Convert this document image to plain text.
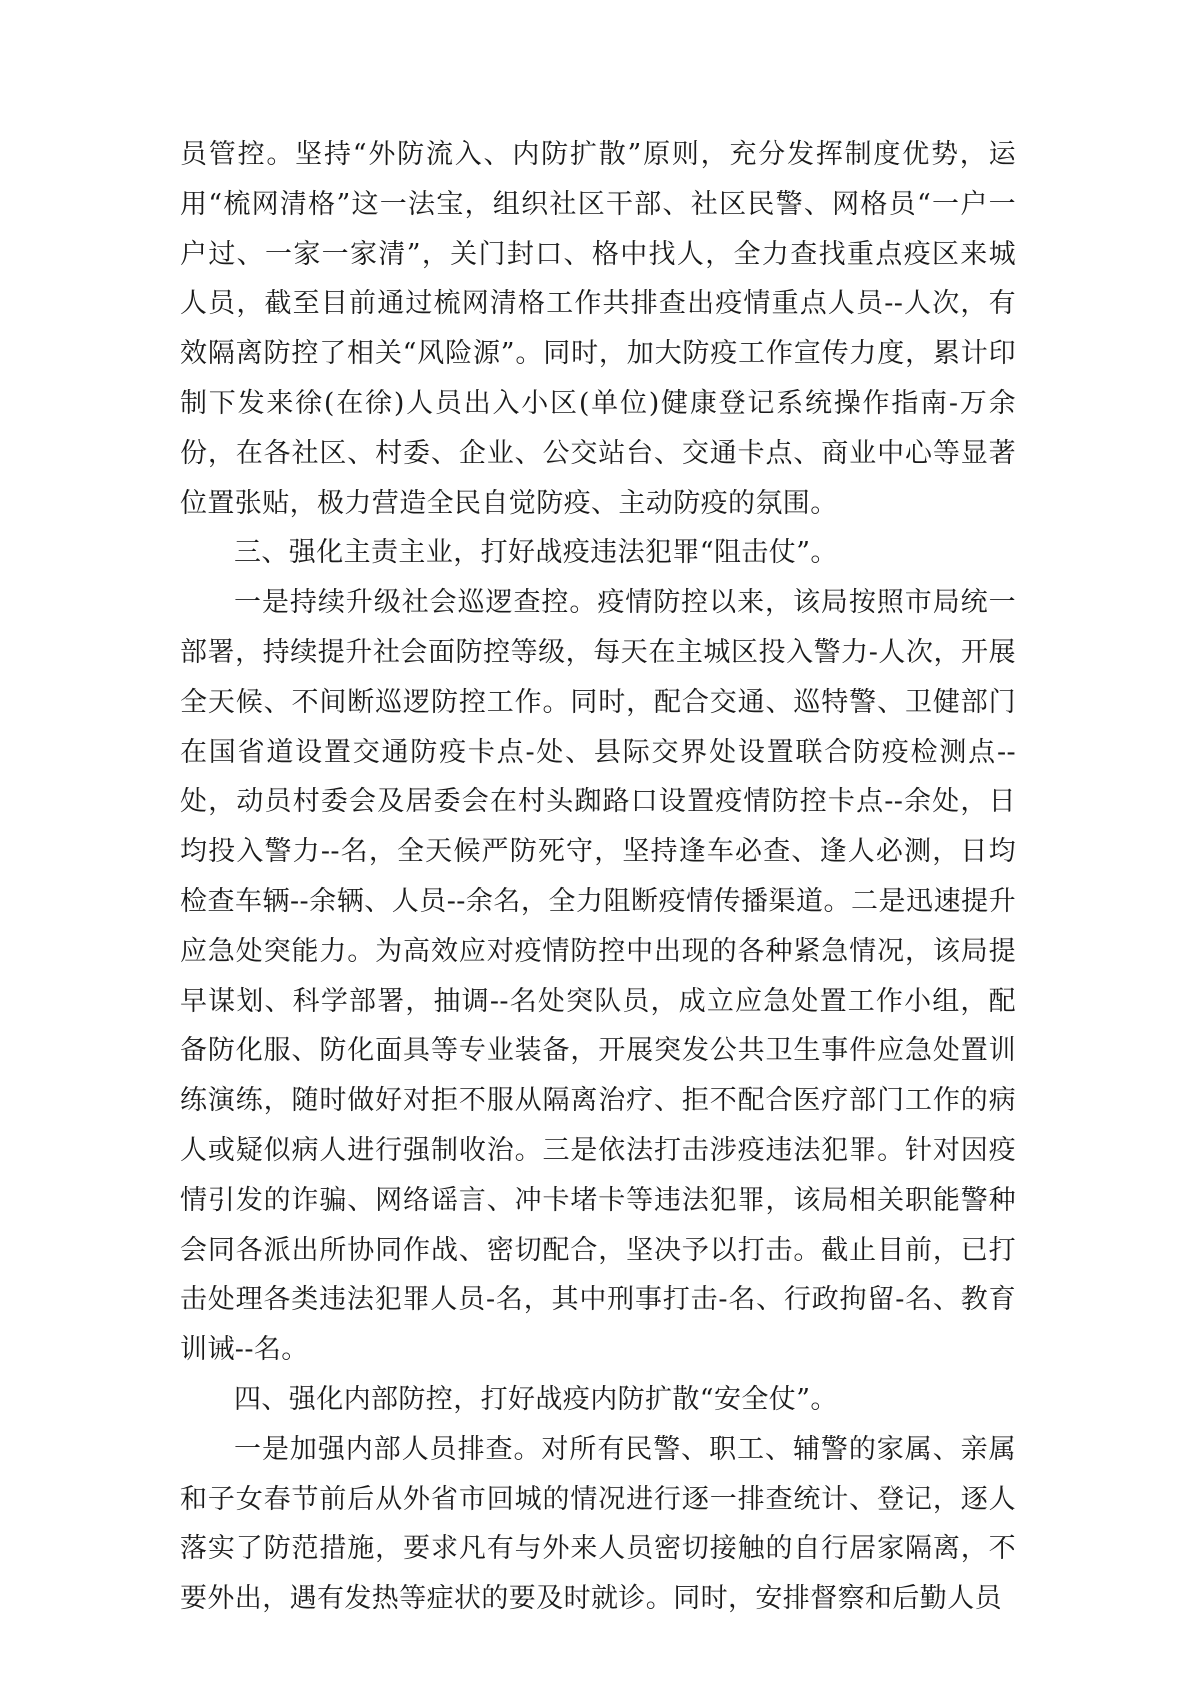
员管控。坚持“外防流入、内防扩散”原则，充分发挥制度优势，运用“梳网清格”这一法宝，组织社区干部、社区民警、网格员“一户一户过、一家一家清”，关门封口、格中找人，全力查找重点疫区来城人员，截至目前通过梳网清格工作共排查出疫情重点人员--人次，有效隔离防控了相关“风险源”。同时，加大防疫工作宣传力度，累计印制下发来徐(在徐)人员出入小区(单位)健康登记系统操作指南-万余份，在各社区、村委、企业、公交站台、交通卡点、商业中心等显著位置张贴，极力营造全民自觉防疫、主动防疫的氛围。

三、强化主责主业，打好战疫违法犯罪“阻击仗”。

一是持续升级社会巡逻查控。疫情防控以来，该局按照市局统一部署，持续提升社会面防控等级，每天在主城区投入警力-人次，开展全天候、不间断巡逻防控工作。同时，配合交通、巡特警、卫健部门在国省道设置交通防疫卡点-处、县际交界处设置联合防疫检测点--处，动员村委会及居委会在村头踟路口设置疫情防控卡点--余处，日均投入警力--名，全天候严防死守，坚持逢车必查、逢人必测，日均检查车辆--余辆、人员--余名，全力阻断疫情传播渠道。二是迅速提升应急处突能力。为高效应对疫情防控中出现的各种紧急情况，该局提早谋划、科学部署，抽调--名处突队员，成立应急处置工作小组，配备防化服、防化面具等专业装备，开展突发公共卫生事件应急处置训练演练，随时做好对拒不服从隔离治疗、拒不配合医疗部门工作的病人或疑似病人进行强制收治。三是依法打击涉疫违法犯罪。针对因疫情引发的诈骗、网络谣言、冲卡堵卡等违法犯罪，该局相关职能警种会同各派出所协同作战、密切配合，坚决予以打击。截止目前，已打击处理各类违法犯罪人员-名，其中刑事打击-名、行政拘留-名、教育训诫--名。

四、强化内部防控，打好战疫内防扩散“安全仗”。

一是加强内部人员排查。对所有民警、职工、辅警的家属、亲属和子女春节前后从外省市回城的情况进行逐一排查统计、登记，逐人落实了防范措施，要求凡有与外来人员密切接触的自行居家隔离，不要外出，遇有发热等症状的要及时就诊。同时，安排督察和后勤人员
